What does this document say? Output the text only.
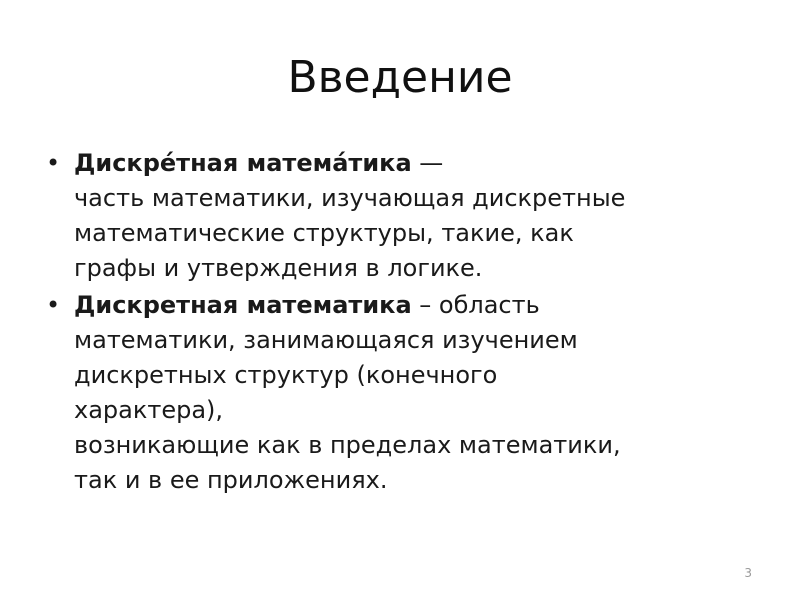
Введение
• Дискре́тная матема́тика —
часть математики, изучающая дискретные
математические структуры, такие, как
графы и утверждения в логике.
• Дискретная математика – область
математики, занимающаяся изучением
дискретных структур (конечного
характера),
возникающие как в пределах математики,
так и в ее приложениях.
3
